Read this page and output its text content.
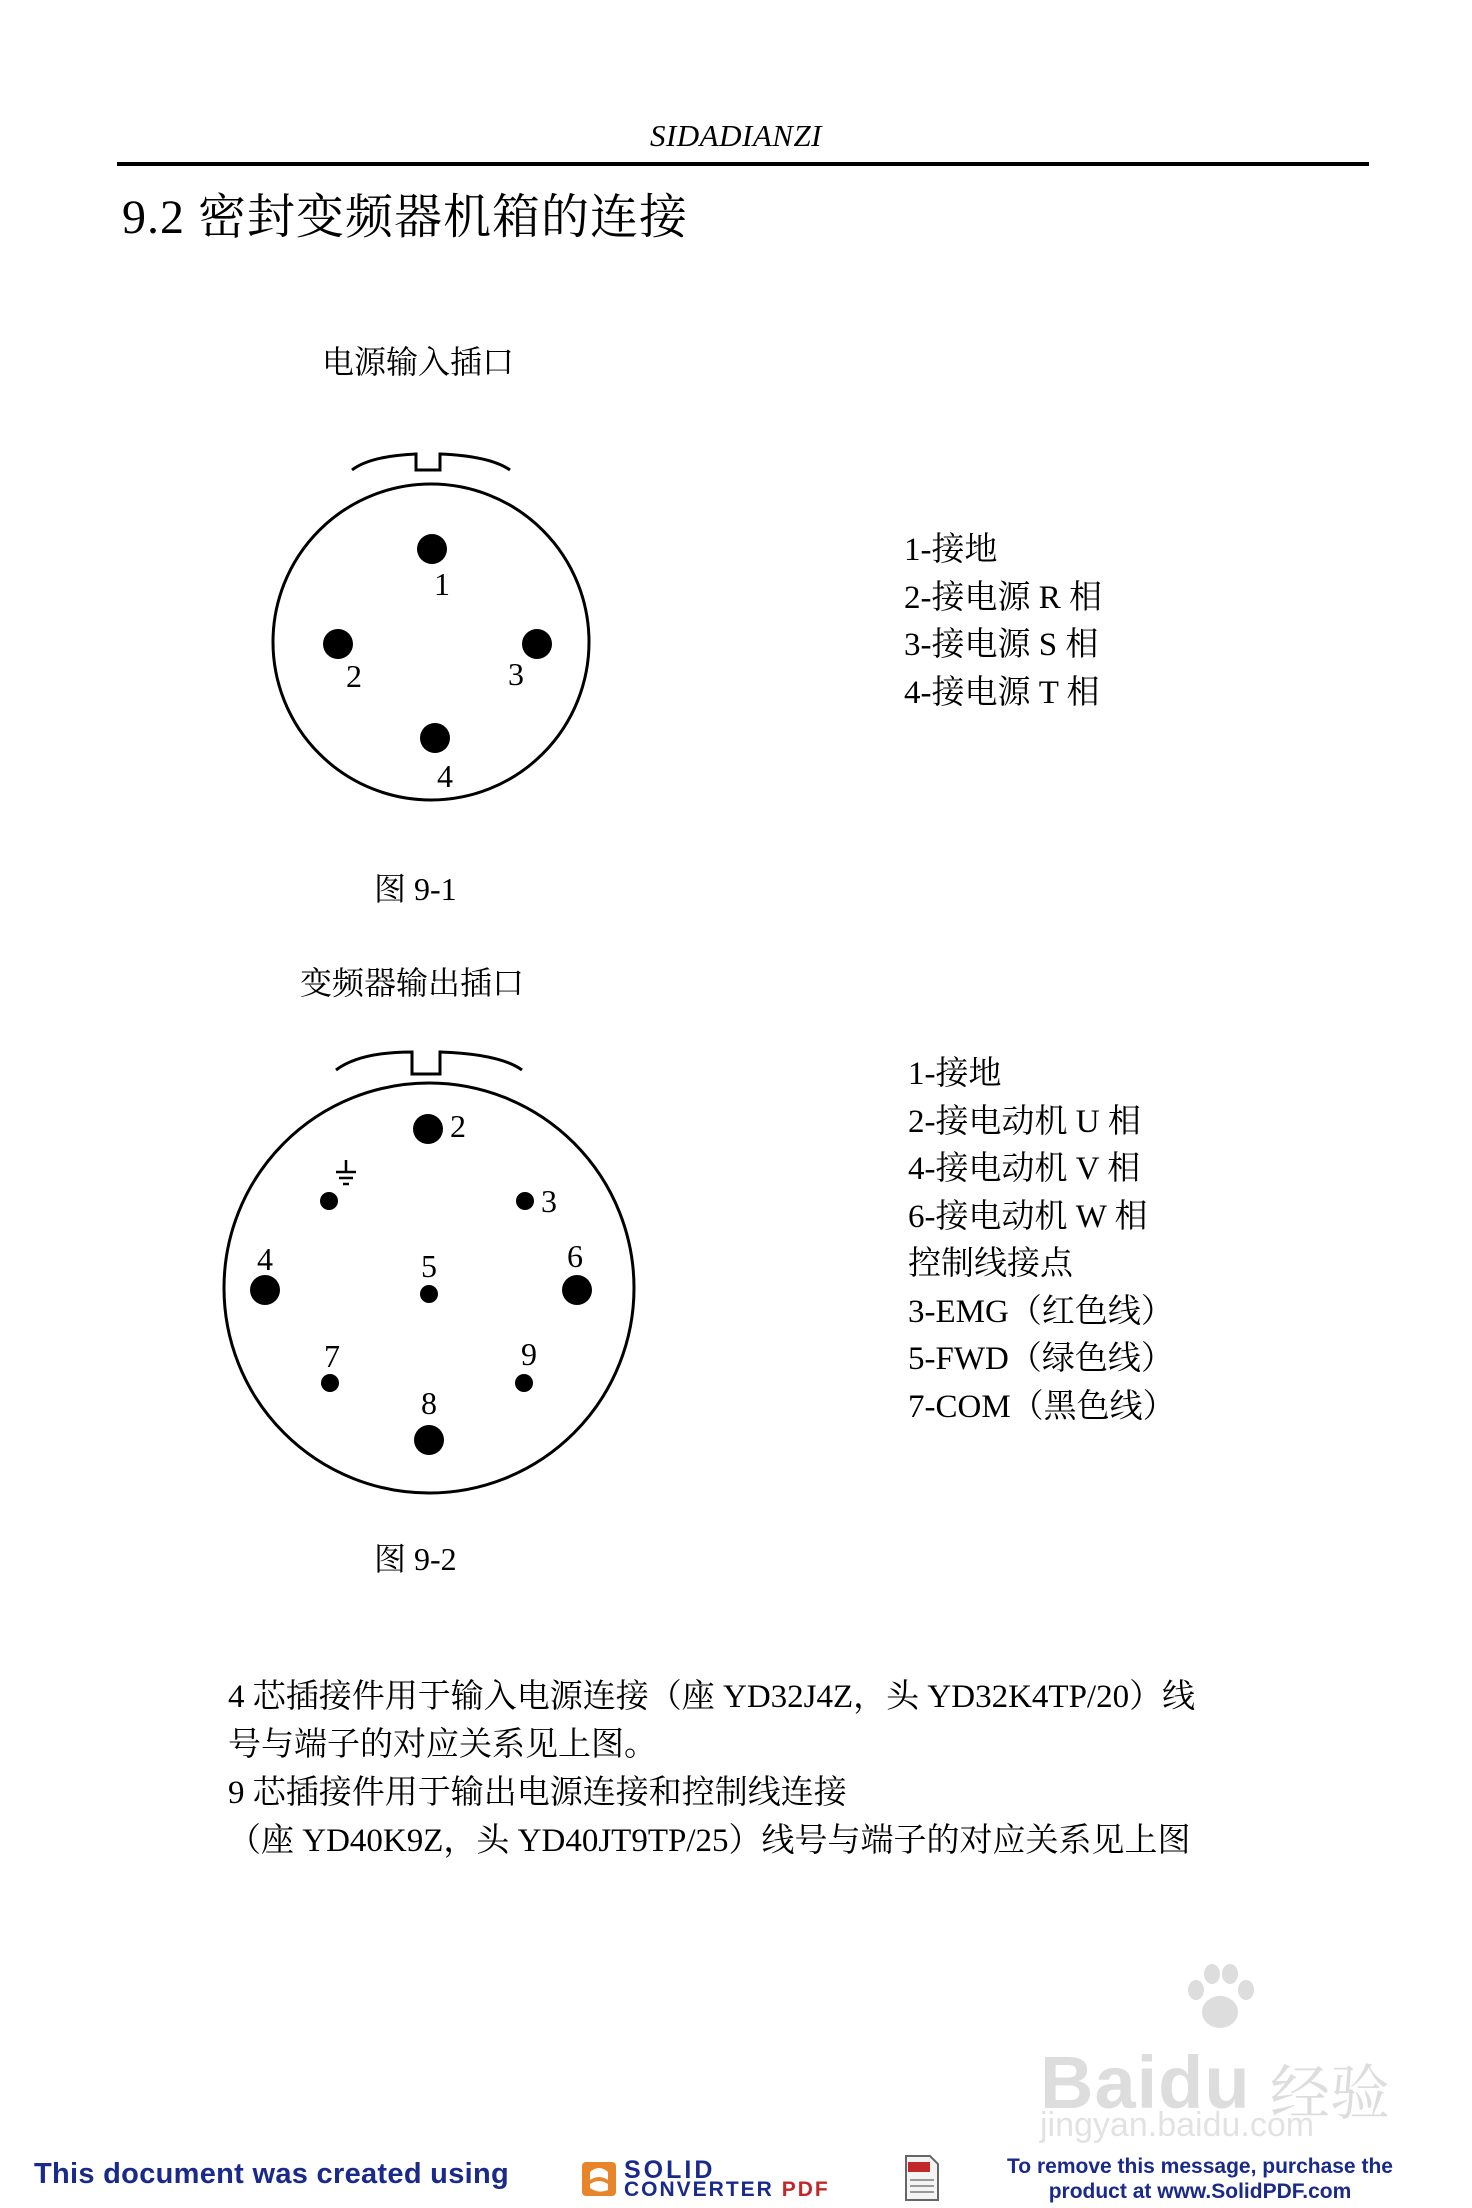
SIDADIANZI
9.2 密封变频器机箱的连接
电源输入插口
1
2	3
4
1-接地
2-接电源 R 相
3-接电源 S 相
4-接电源 T 相
图 9-1
变频器输出插口
2
3
4	5	6
7
8
9
1-接地
2-接电动机 U 相
4-接电动机 V 相
6-接电动机 W 相
控制线接点
3-EMG（红色线）
5-FWD（绿色线）
7-COM（黑色线）
图 9-2
4 芯插接件用于输入电源连接（座 YD32J4Z，头 YD32K4TP/20）线
号与端子的对应关系见上图。
9 芯插接件用于输出电源连接和控制线连接
（座 YD40K9Z，头 YD40JT9TP/25）线号与端子的对应关系见上图
Baidu 经验
jingyan.baidu.com
This document was created using	SOLID
CONVERTER PDF
To remove this message, purchase the
product at www.SolidPDF.com
